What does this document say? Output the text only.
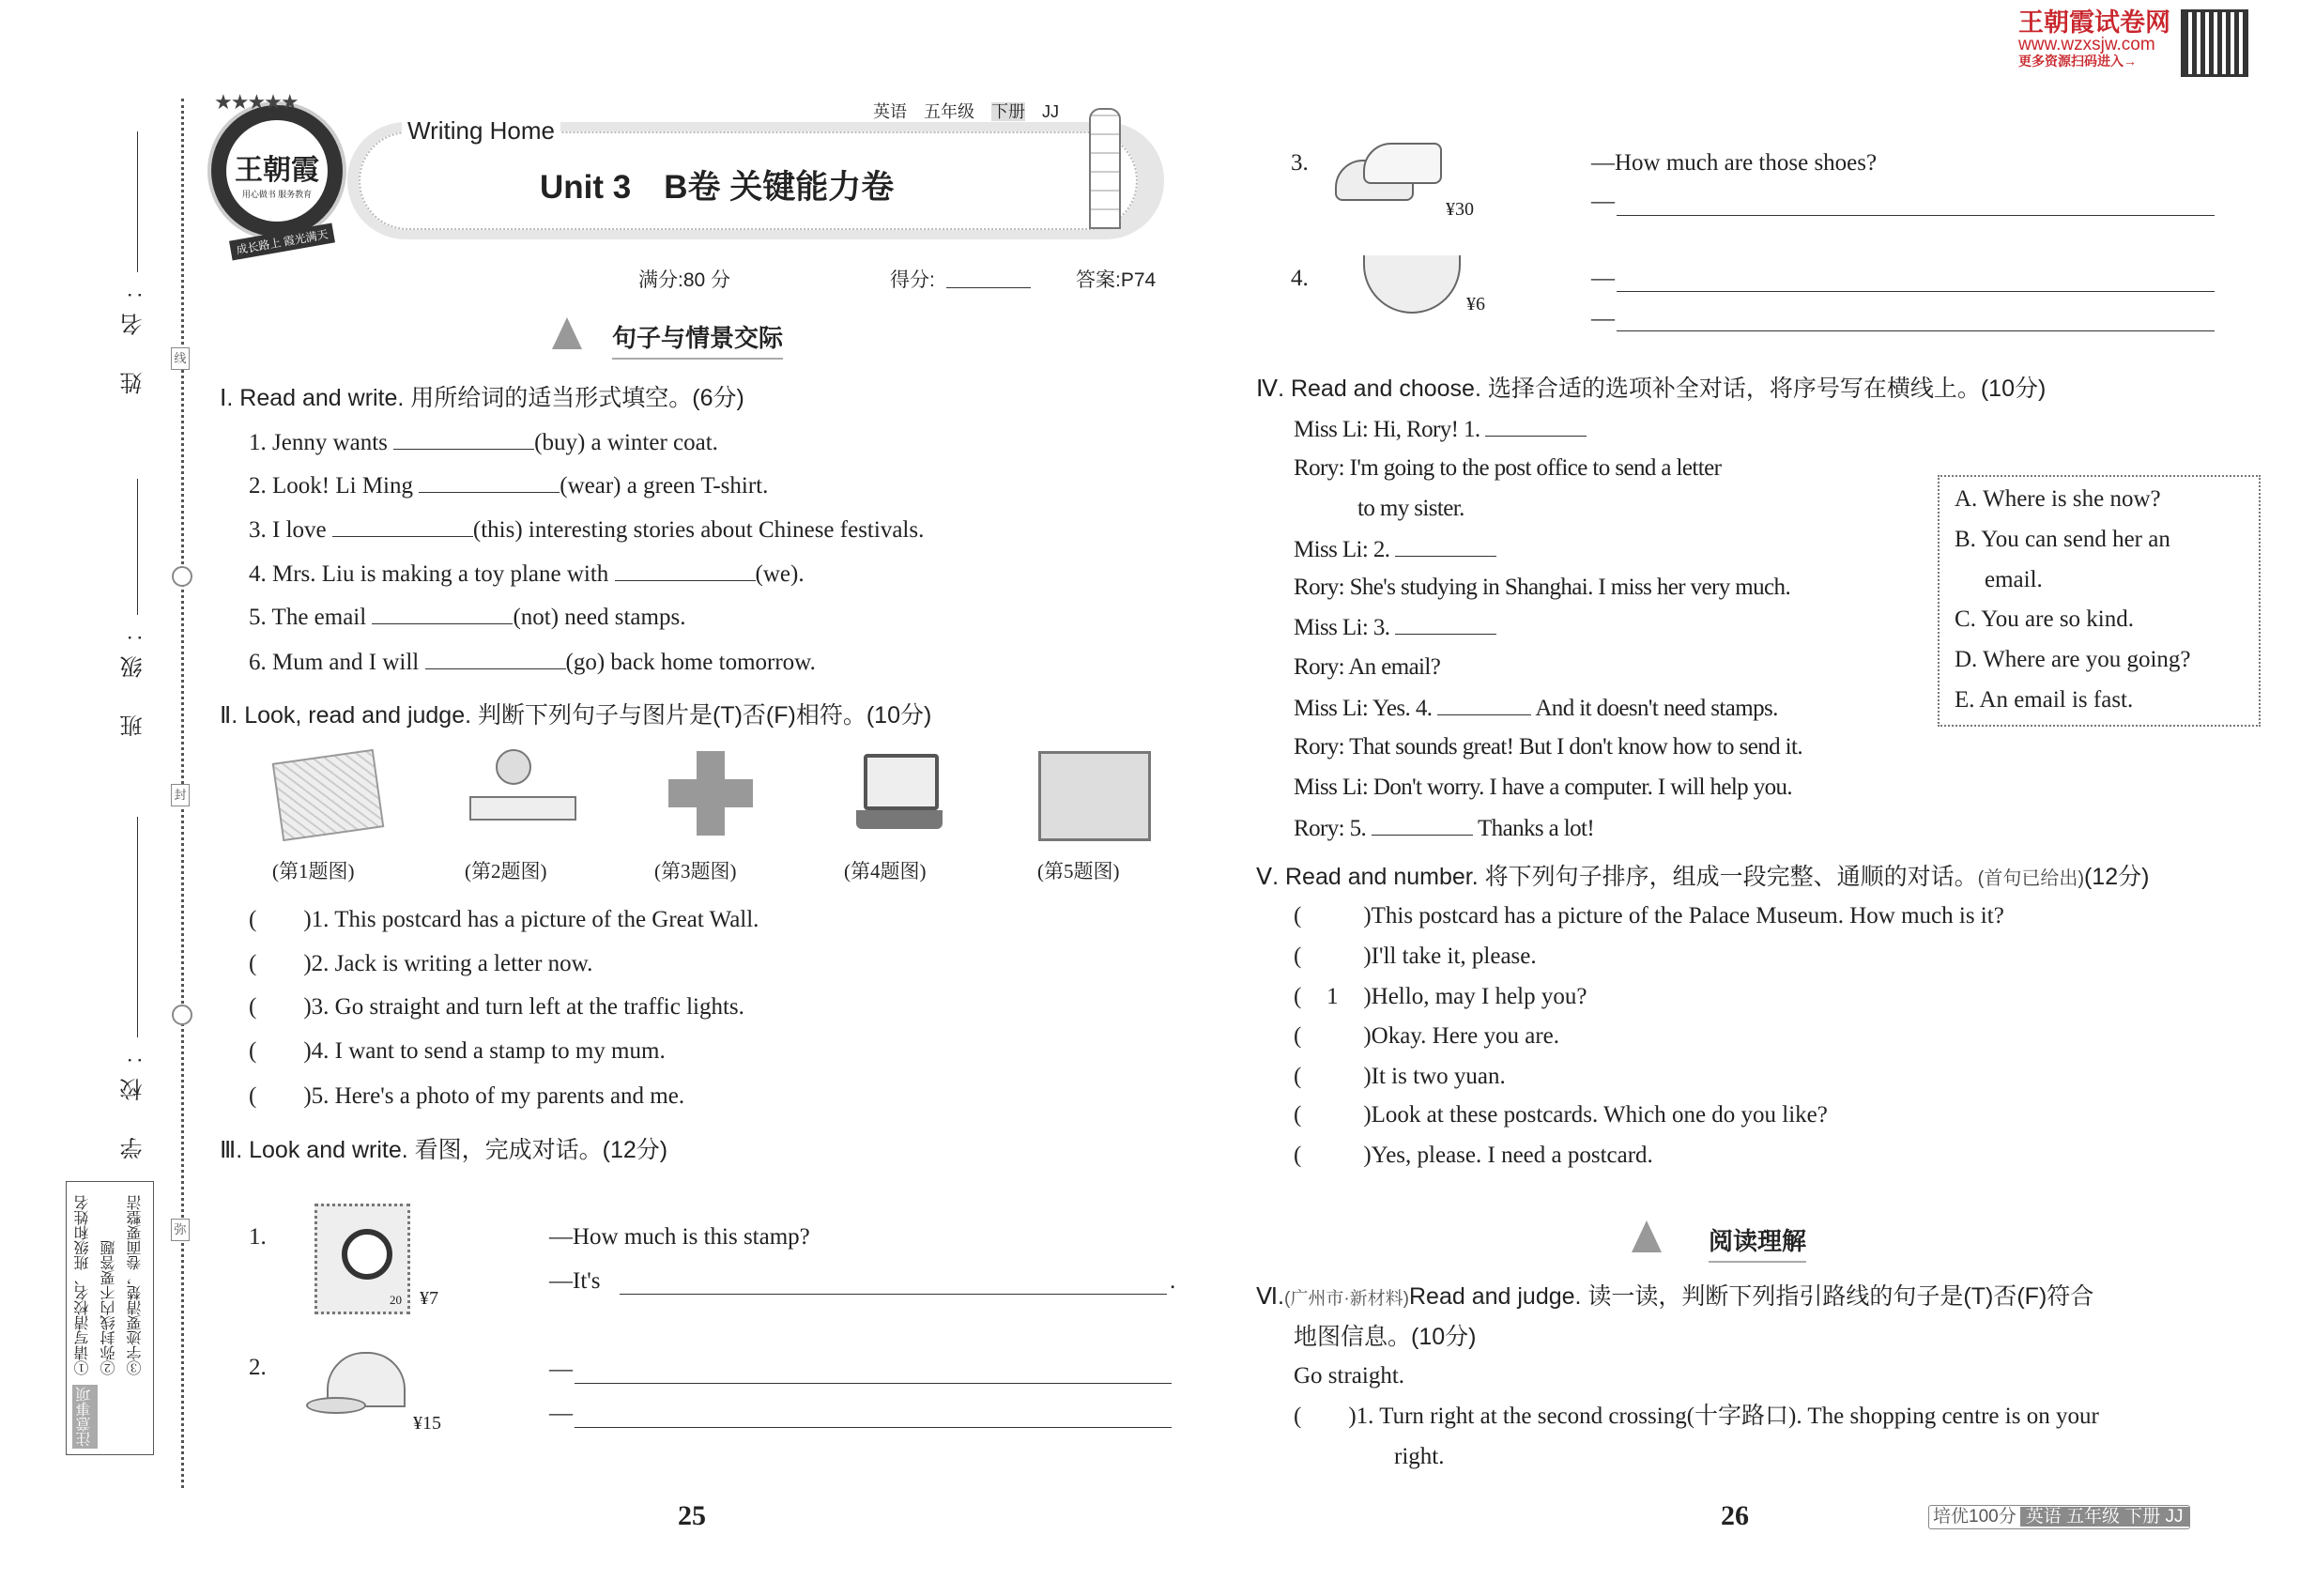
王朝霞试卷网
www.wzxsjw.com
更多资源扫码进入→
姓 名:
班 级:
学 校:
线
封
弥
注意事项
①请写清校名、班级和姓名 ②弥封线内不要答题 ③字迹要清楚，卷面要整洁
王朝霞
用心做书 服务教育
成长路上 霞光满天
★★★★★
Writing Home
英语 五年级 下册 JJ
Unit 3　B卷 关键能力卷
满分:80 分	得分:	答案:P74
句子与情景交际
Ⅰ. Read and write. 用所给词的适当形式填空。(6分)
1. Jenny wants	(buy) a winter coat.
2. Look! Li Ming	(wear) a green T-shirt.
3. I love	(this) interesting stories about Chinese festivals.
4. Mrs. Liu is making a toy plane with	(we).
5. The email	(not) need stamps.
6. Mum and I will	(go) back home tomorrow.
Ⅱ. Look, read and judge. 判断下列句子与图片是(T)否(F)相符。(10分)
(第1题图)	(第2题图)	(第3题图)	(第4题图)	(第5题图)
(　　)1. This postcard has a picture of the Great Wall.
(　　)2. Jack is writing a letter now.
(　　)3. Go straight and turn left at the traffic lights.
(　　)4. I want to send a stamp to my mum.
(　　)5. Here's a photo of my parents and me.
Ⅲ. Look and write. 看图，完成对话。(12分)
1.
20 ¥7
—How much is this stamp?
—It's	.
2.
¥15
—
—
25
3.
¥30
—How much are those shoes?
—
4.
¥6
—
—
Ⅳ. Read and choose. 选择合适的选项补全对话，将序号写在横线上。(10分)
Miss Li: Hi, Rory! 1.
Rory: I'm going to the post office to send a letter
to my sister.
Miss Li: 2.
Rory: She's studying in Shanghai. I miss her very much.
Miss Li: 3.
Rory: An email?
Miss Li: Yes. 4.	And it doesn't need stamps.
Rory: That sounds great! But I don't know how to send it.
Miss Li: Don't worry. I have a computer. I will help you.
Rory: 5.	Thanks a lot!
A. Where is she now?
B. You can send her an
email.
C. You are so kind.
D. Where are you going?
E. An email is fast.
Ⅴ. Read and number. 将下列句子排序，组成一段完整、通顺的对话。(首句已给出)(12分)
(	)This postcard has a picture of the Palace Museum. How much is it?
(	)I'll take it, please.
( 1 )Hello, may I help you?
(	)Okay. Here you are.
(	)It is two yuan.
(	)Look at these postcards. Which one do you like?
(	)Yes, please. I need a postcard.
阅读理解
Ⅵ.(广州市·新材料)Read and judge. 读一读，判断下列指引路线的句子是(T)否(F)符合
地图信息。(10分)
Go straight.
(　　)1. Turn right at the second crossing(十字路口). The shopping centre is on your
right.
26	培优100分 英语 五年级 下册 JJ
